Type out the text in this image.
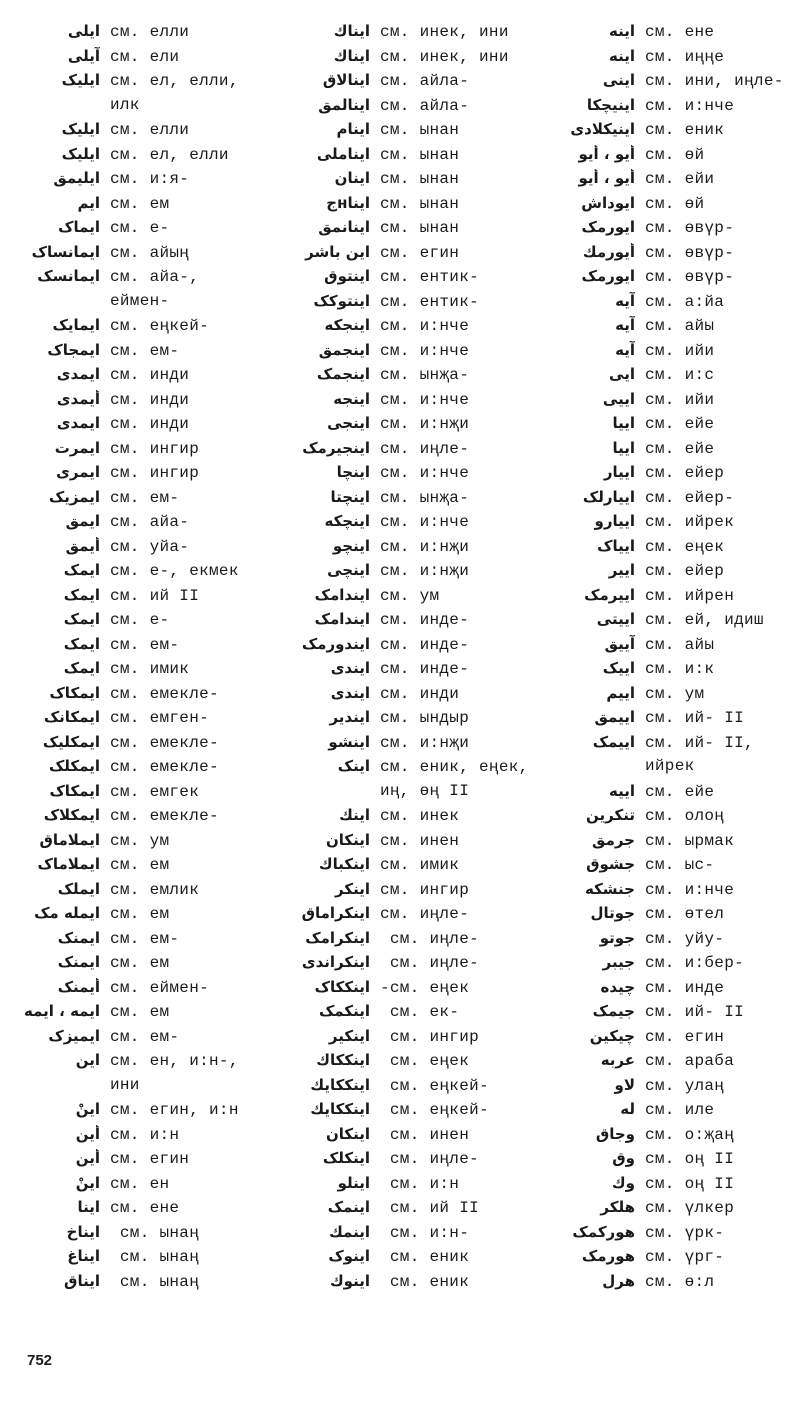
ایلی см. елли
آیلی см. ели
ایلیک см. ел, елли,
илк
ایلیک см. елли
ایلیک см. ел, елли
ایلیمق см. и:я-
ایم см. ем
ایماک см. е-
ایمانساک см. айың
ایمانسک см. айа-,
еймен-
ایمایک см. еңкей-
ایمجاک см. ем-
ایمدی см. инди
أیمدی см. инди
ایمدی см. инди
ایمرت см. ингир
ایمری см. ингир
ایمزیک см. ем-
ایمق см. айа-
أیمق см. уйа-
ایمک см. е-, екмек
ایمک см. ий II
ایمک см. е-
ایمک см. ем-
ایمک см. имик
ایمکاک см. емекле-
ایمکانک см. емген-
ایمکلیک см. емекле-
ایمکلک см. емекле-
ایمکاک см. емгек
ایمکلاک см. емекле-
ایملاماق см. ум
ایملاماک см. ем
ایملک см. емлик
ایمله مک см. ем
ایمنک см. ем-
ایمنک см. ем
أیمنک см. еймен-
ایمه ، ایمه см. ем
ایمیزک см. ем-
این см. ен, и:н-,
ини
اینْ см. егин, и:н
أین см. и:н
أین см. егин
اینْ см. ен
اینا см. ене
ایناخ см. ынаң
ایناغ см. ынаң
ایناق см. ынаң
ایناك см. инек, ини
ایناك см. инек, ини
اینالاق см. айла-
اینالمق см. айла-
اینام см. ынан
ایناملی см. ынан
اینان см. ынан
ایناнج см. ынан
اینانمق см. ынан
این باشر см. егин
اینتوق см. ентик-
اینتوکک см. ентик-
اینجکه см. и:нче
اینجمق см. и:нче
اینجمک см. ынҗа-
اینجه см. и:нче
اینجی см. и:нҗи
اینجیرمک см. иңле-
اینچا см. и:нче
اینچتا см. ынҗа-
اینچکه см. и:нче
اینچو см. и:нҗи
اینچی см. и:нҗи
ایندامک см. ум
ایندامک см. инде-
ایندورمک см. инде-
ایندی см. инде-
ایندی см. инди
ایندیر см. ындыр
اینشو см. и:нҗи
اینک см. еник, еңек,
иң, өң II
اینك см. инек
اینکان см. инен
اینکباك см. имик
اینکر см. ингир
اینکراماق см. иңле-
اینکرامک см. иңле-
اینکراندی см. иңле-
اینککاک -см. еңек
اینکمک см. ек-
اینکیر см. ингир
اینککاك см. еңек
اینککایك см. еңкей-
اینککایك см. еңкей-
اینکان см. инен
اینکلک см. иңле-
اینلو см. и:н
اینمک см. ий II
اینمك см. и:н-
اینوک см. еник
اینوك см. еник
اینه см. ене
اینه см. иңңе
اینی см. ини, иңле-
اینیچکا см. и:нче
اینیکلادی см. еник
أیو ، أیو см. өй
أیو ، أیو см. ейи
ایوداش см. өй
ایورمک см. өвүр-
أیورمك см. өвүр-
ایورمک см. өвүр-
آیه см. а:йа
آیه см. айы
آیه см. ийи
ایی см. и:с
اییی см. ийи
اییا см. ейе
اییا см. ейе
اییار см. ейер
اییارلک см. ейер-
اییارو см. ийрек
اییاک см. еңек
اییر см. ейер
اییرمک см. ийрен
اییتی см. ей, идиш
آییق см. айы
اییک см. и:к
اییم см. ум
اییمق см. ий- II
اییمک см. ий- II,
ийрек
اییه см. ейе
تنکرین см. олоң
جرمق см. ырмак
جشوق см. ыс-
جنشکه см. и:нче
جوتال см. өтел
جوتو см. уйу-
جیبر см. и:бер-
چیده см. инде
جیمک см. ий- II
چیکین см. егин
عربه см. араба
لاو см. улаң
له см. иле
وجاق см. о:җаң
وق см. оң II
وك см. оң II
هلکر см. үлкер
هورکمک см. үрк-
هورمک см. үрг-
هرل см. ө:л
752
